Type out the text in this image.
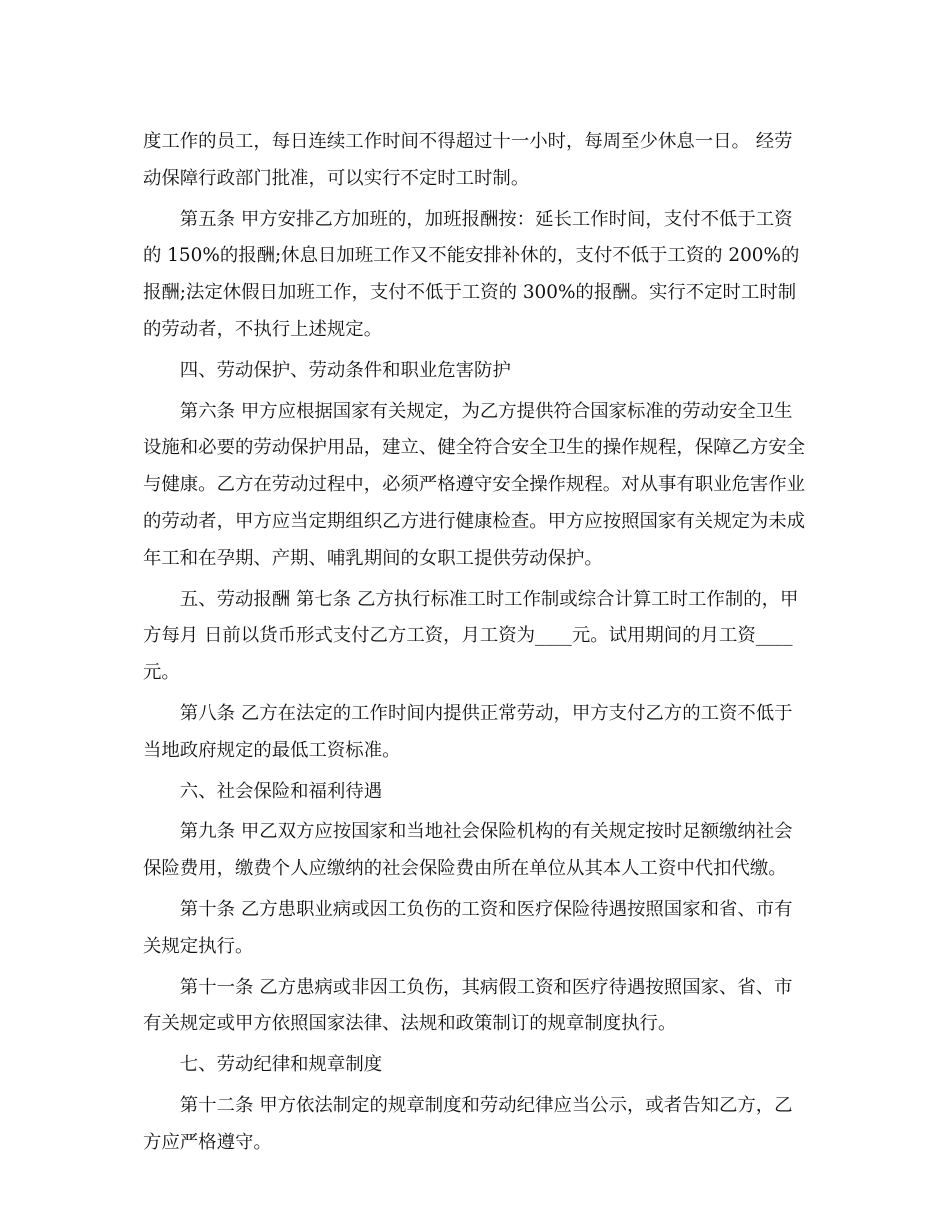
度工作的员工，每日连续工作时间不得超过十一小时，每周至少休息一日。 经劳动保障行政部门批准，可以实行不定时工时制。

第五条 甲方安排乙方加班的，加班报酬按：延长工作时间，支付不低于工资的 150%的报酬;休息日加班工作又不能安排补休的，支付不低于工资的 200%的报酬;法定休假日加班工作，支付不低于工资的 300%的报酬。实行不定时工时制的劳动者，不执行上述规定。

四、劳动保护、劳动条件和职业危害防护

第六条 甲方应根据国家有关规定，为乙方提供符合国家标准的劳动安全卫生设施和必要的劳动保护用品，建立、健全符合安全卫生的操作规程，保障乙方安全与健康。乙方在劳动过程中，必须严格遵守安全操作规程。对从事有职业危害作业的劳动者，甲方应当定期组织乙方进行健康检查。甲方应按照国家有关规定为未成年工和在孕期、产期、哺乳期间的女职工提供劳动保护。

五、劳动报酬 第七条 乙方执行标准工时工作制或综合计算工时工作制的，甲方每月 日前以货币形式支付乙方工资，月工资为____元。试用期间的月工资____元。

第八条 乙方在法定的工作时间内提供正常劳动，甲方支付乙方的工资不低于当地政府规定的最低工资标准。

六、社会保险和福利待遇

第九条 甲乙双方应按国家和当地社会保险机构的有关规定按时足额缴纳社会保险费用，缴费个人应缴纳的社会保险费由所在单位从其本人工资中代扣代缴。

第十条 乙方患职业病或因工负伤的工资和医疗保险待遇按照国家和省、市有关规定执行。

第十一条 乙方患病或非因工负伤，其病假工资和医疗待遇按照国家、省、市有关规定或甲方依照国家法律、法规和政策制订的规章制度执行。

七、劳动纪律和规章制度

第十二条 甲方依法制定的规章制度和劳动纪律应当公示，或者告知乙方，乙方应严格遵守。
